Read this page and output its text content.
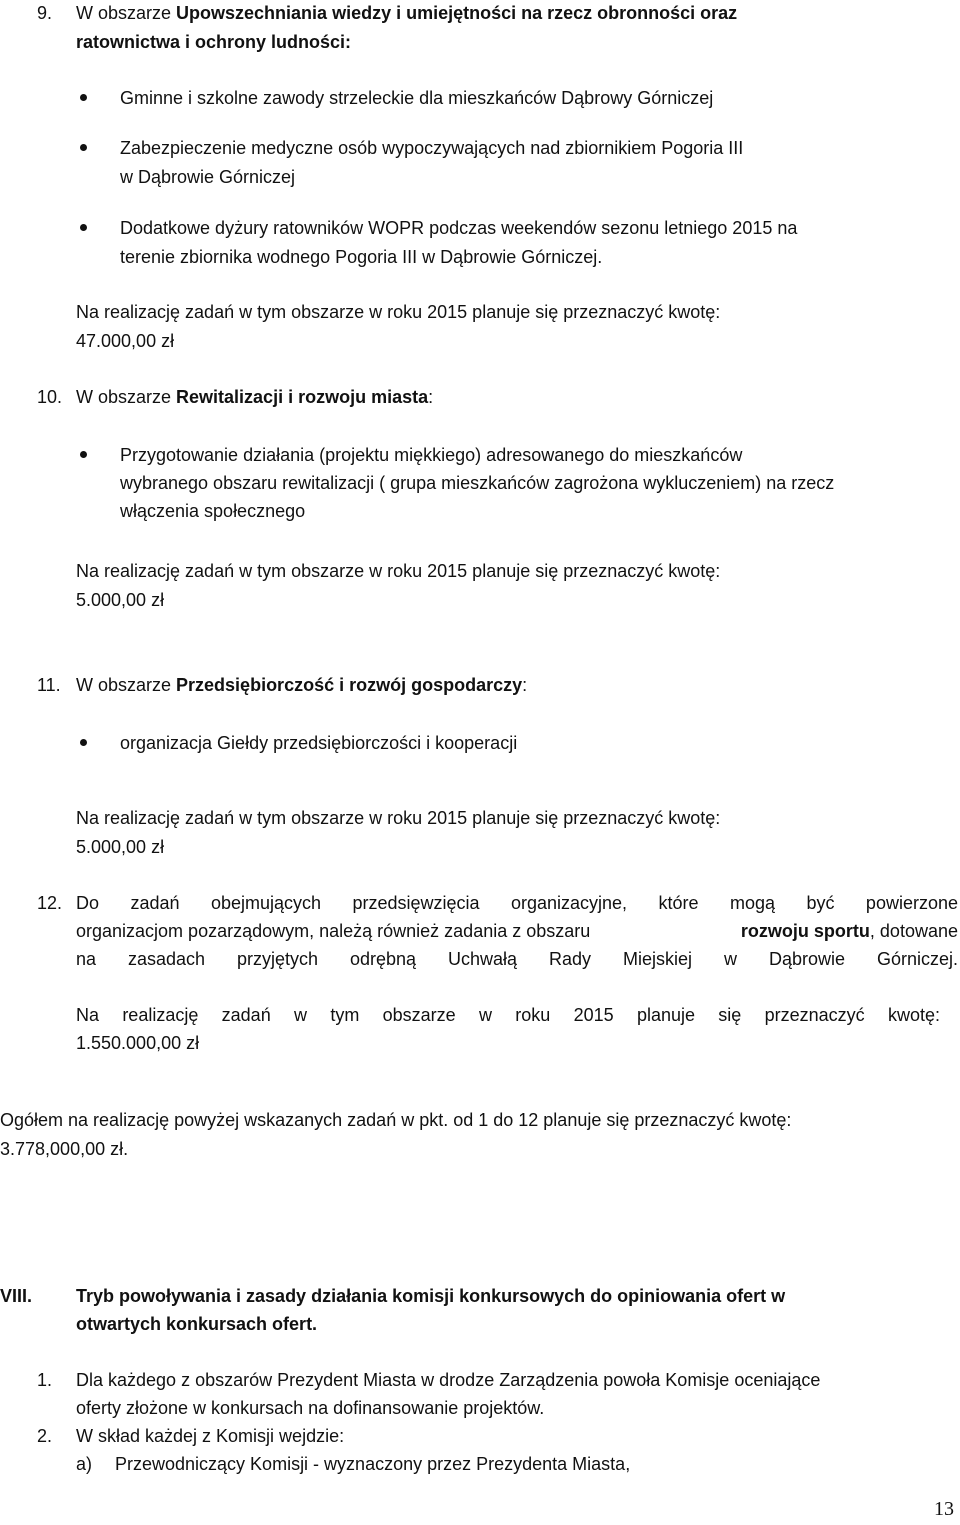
9. W obszarze Upowszechniania wiedzy i umiejętności na rzecz obronności oraz
ratownictwa i ochrony ludności:
Gminne i szkolne zawody strzeleckie dla mieszkańców Dąbrowy Górniczej
Zabezpieczenie medyczne osób wypoczywających nad zbiornikiem Pogoria III
w Dąbrowie Górniczej
Dodatkowe dyżury ratowników WOPR podczas weekendów sezonu letniego 2015 na
terenie zbiornika wodnego Pogoria III w Dąbrowie Górniczej.
Na realizację zadań w tym obszarze w roku 2015 planuje się przeznaczyć kwotę:
47.000,00 zł
10. W obszarze Rewitalizacji i rozwoju miasta:
Przygotowanie działania (projektu miękkiego) adresowanego do mieszkańców
wybranego obszaru rewitalizacji ( grupa mieszkańców zagrożona wykluczeniem) na rzecz
włączenia społecznego
Na realizację zadań w tym obszarze w roku 2015 planuje się przeznaczyć kwotę:
5.000,00 zł
11. W obszarze Przedsiębiorczość i rozwój gospodarczy:
organizacja Giełdy przedsiębiorczości i kooperacji
Na realizację zadań w tym obszarze w roku 2015 planuje się przeznaczyć kwotę:
5.000,00 zł
12. Do zadań obejmujących przedsięwzięcia organizacyjne, które mogą być powierzone
organizacjom pozarządowym, należą również zadania z obszaru	rozwoju sportu, dotowane
na zasadach przyjętych odrębną Uchwałą Rady Miejskiej w Dąbrowie Górniczej.
Na realizację zadań w tym obszarze w roku 2015 planuje się przeznaczyć kwotę:
1.550.000,00 zł
Ogółem na realizację powyżej wskazanych zadań w pkt. od 1 do 12 planuje się przeznaczyć kwotę:
3.778,000,00 zł.
VIII. Tryb powoływania i zasady działania komisji konkursowych do opiniowania ofert w
otwartych konkursach ofert.
1. Dla każdego z obszarów Prezydent Miasta w drodze Zarządzenia powoła Komisje oceniające
oferty złożone w konkursach na dofinansowanie projektów.
2. W skład każdej z Komisji wejdzie:
a) Przewodniczący Komisji - wyznaczony przez Prezydenta Miasta,
13
